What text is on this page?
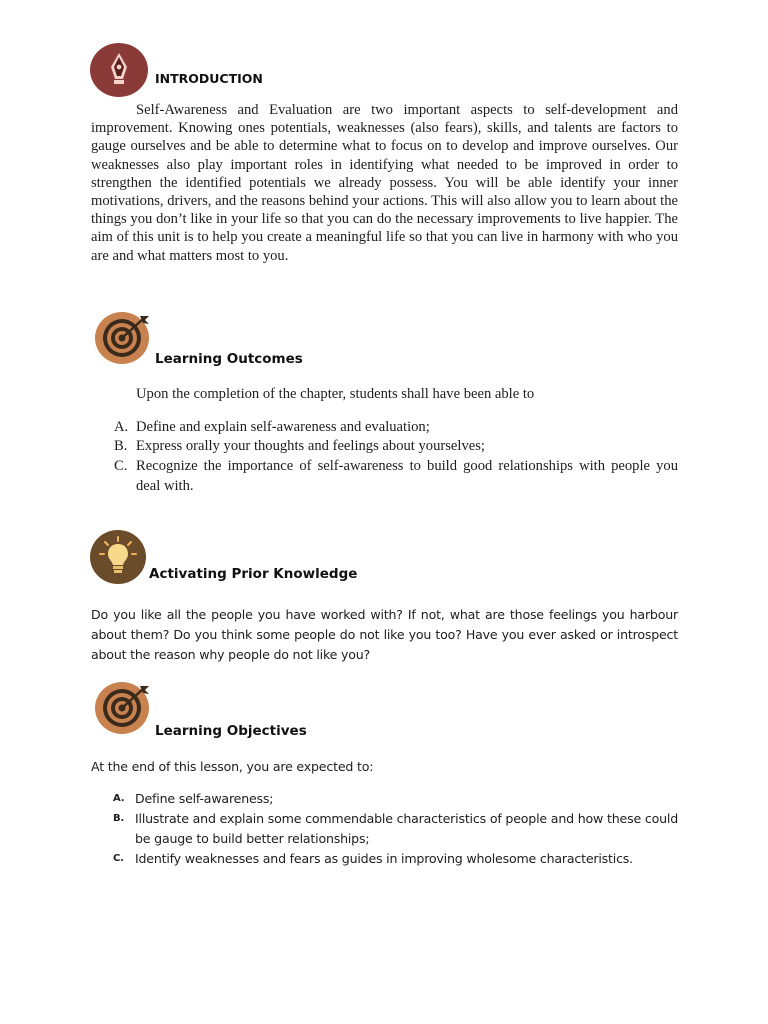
INTRODUCTION

Self-Awareness and Evaluation are two important aspects to self-development and improvement. Knowing ones potentials, weaknesses (also fears), skills, and talents are factors to gauge ourselves and be able to determine what to focus on to develop and improve ourselves. Our weaknesses also play important roles in identifying what needed to be improved in order to strengthen the identified potentials we already possess. You will be able identify your inner motivations, drivers, and the reasons behind your actions. This will also allow you to learn about the things you don’t like in your life so that you can do the necessary improvements to live happier. The aim of this unit is to help you create a meaningful life so that you can live in harmony with who you are and what matters most to you.

Learning Outcomes

Upon the completion of the chapter, students shall have been able to

A. Define and explain self-awareness and evaluation;
B. Express orally your thoughts and feelings about yourselves;
C. Recognize the importance of self-awareness to build good relationships with people you deal with.
Activating Prior Knowledge

Do you like all the people you have worked with? If not, what are those feelings you harbour about them? Do you think some people do not like you too? Have you ever asked or introspect about the reason why people do not like you?

Learning Objectives

At the end of this lesson, you are expected to:

A. Define self-awareness;
B. Illustrate and explain some commendable characteristics of people and how these could be gauge to build better relationships;
C. Identify weaknesses and fears as guides in improving wholesome characteristics.
